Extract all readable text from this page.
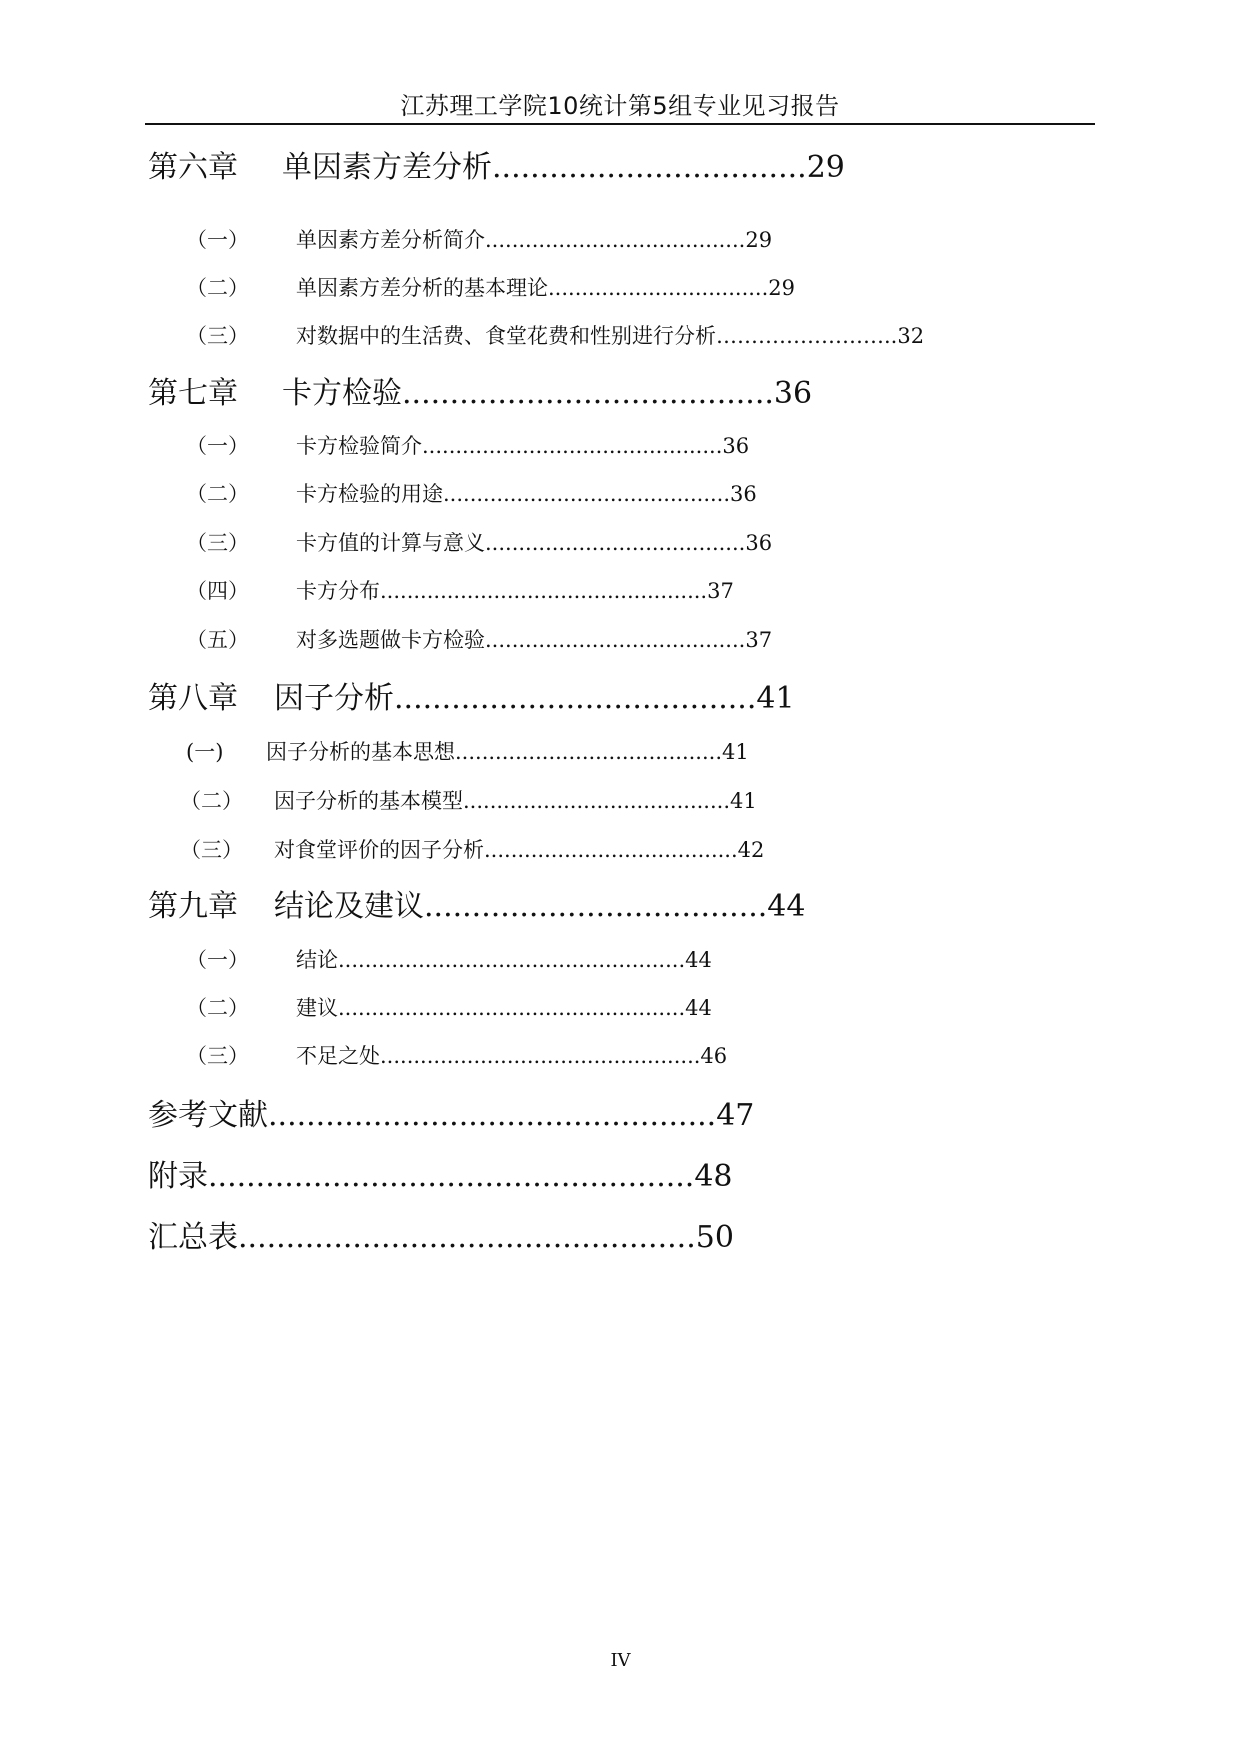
江苏理工学院10统计第5组专业见习报告
第六章 单因素方差分析.................................29
（一） 单因素方差分析简介.......................................29
（二） 单因素方差分析的基本理论.................................29
（三） 对数据中的生活费、食堂花费和性别进行分析……………………..32
第七章 卡方检验.......................................36
（一） 卡方检验简介.............................................36
（二） 卡方检验的用途...........................................36
（三） 卡方值的计算与意义.......................................36
（四） 卡方分布.................................................37
（五） 对多选题做卡方检验.......................................37
第八章 因子分析......................................41
(一) 因子分析的基本思想........................................41
（二） 因子分析的基本模型........................................41
（三） 对食堂评价的因子分析......................................42
第九章 结论及建议....................................44
（一） 结论....................................................44
（二） 建议....................................................44
（三） 不足之处................................................46
参考文献...............................................47
附录...................................................48
汇总表................................................50
IV
